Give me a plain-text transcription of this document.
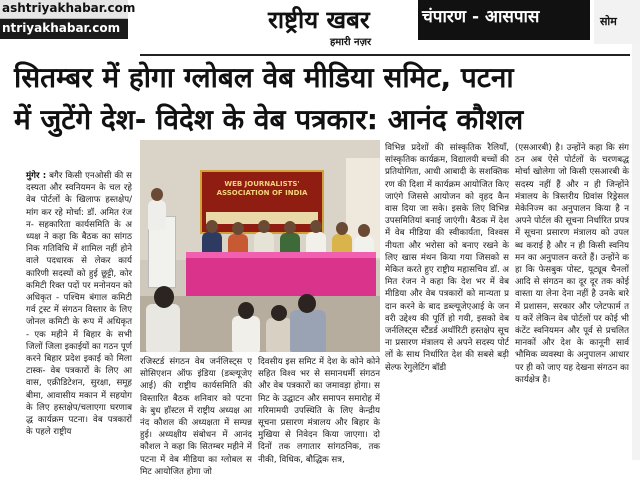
ashtriyakhabar.com
ntriyakhabar.com	राष्ट्रीय खबर
हमारी नज़र
चंपारण - आसपास	सोम
सितम्बर में होगा ग्लोबल वेब मीडिया समिट, पटना
में जुटेंगे देश- विदेश के वेब पत्रकार: आनंद कौशल
मुंगेर : बगैर किसी एनओसी की सदस्यता और स्वनियमन के चल रहे वेब पोर्टलों के खिलाफ हस्तक्षेप/मांग कर रहे मोर्चा: डॉ. अमित रंजन- सहकारिता कार्यसमिति के अध्यक्ष ने कहा कि बैठक का सांगठनिक गतिविधि में शामिल नहीं होने वाले पदधारक से लेकर कार्यकारिणी सदस्यों को हुई छूट्टी, कोर कमिटी रिक्त पदों पर मनोनयन को अधिकृत - पश्चिम बंगाल कमिटी गर्व ट्रस्ट में संगठन विस्तार के लिए जोनल कमिटी के रूप में अधिकृत - एक महीने में बिहार के सभी जिलों जिला इकाईयों का गठन पूर्ण करने बिहार प्रदेश इकाई को मिला टास्क- वेब पत्रकारों के लिए आवास, एक्रीडिटेशन, सुरक्षा, समूह बीमा, आवासीय मकान में सहयोग के लिए हस्तक्षेप/चलाएगा घरणाबद्ध कार्यक्रम पटना। वेब पत्रकारों के पहले राष्ट्रीय
WEB JOURNALISTS' ASSOCIATION OF INDIA
रजिस्टर्ड संगठन वेब जर्नलिस्ट्स एसोसिएशन ऑफ इंडिया (डब्ल्यूजेएआई) की राष्ट्रीय कार्यसमिति की विस्तारित बैठक शनिवार को पटना के बुध हॉस्टल में राष्ट्रीय अध्यक्ष आनंद कौशल की अध्यक्षता में सम्पन्न हुई। अध्यक्षीय संबोधन में आनंद कौशल ने कहा कि सितम्बर महीने में पटना में वेब मीडिया का ग्लोबल समिट आयोजित होगा जो
दिवसीय इस समिट में देश के कोने कोने सहित विश्व भर से समानधर्मी संगठन और वेब पत्रकारों का जमावड़ा होगा। समिट के उद्घाटन और समापन समारोह में गरिमामयी उपस्थिति के लिए केन्द्रीय सूचना प्रसारण मंत्रालय और बिहार के मुखिया से निवेदन किया जाएगा। दो दिनों तक लगातार सांगठनिक, तकनीकी, विधिक, बौद्धिक सत्र,
विभिन्न प्रदेशों की सांस्कृतिक रैलियाँ, सांस्कृतिक कार्यक्रम, विद्यालयी बच्चों की प्रतियोगिता, आधी आबादी के सशक्तिकरण की दिशा में कार्यक्रम आयोजित किए जाएंगे जिससे आयोजन को वृहद कैनवास दिया जा सके। इसके लिए विभिन्न उपसमितियां बनाई जाएंगी। बैठक में देश में वेब मीडिया की स्वीकार्यता, विश्वसनीयता और भरोसा को बनाए रखने के लिए खास मंथन किया गया जिसको समेकित करते हुए राष्ट्रीय महासचिव डॉ. अमित रंजन ने कहा कि देश भर में वेब मीडिया और वेब पत्रकारों को मान्यता प्रदान करने के बाद डब्ल्यूजेएआई के जनवरी उद्देश्य की पूर्ति हो गयी, इसको वेब जर्नलिस्ट्स स्टैंडर्ड अथॉरिटी हस्तक्षेप सूचना प्रसारण मंत्रालय से अपने सदस्य पोर्टलों के साथ निर्धारित देश की सबसे बड़ी सेल्फ रेगुलेटिंग बॉडी
(एसआरबी) है। उन्होंने कहा कि संगठन अब ऐसे पोर्टलों के चरणबद्ध मोर्चा खोलेगा जो किसी एसआरबी के सदस्य नहीं हैं और न ही जिन्होंने मंत्रालय के त्रिस्तरीय ग्रिवांस रिड्रेसल मेकेनिज्म का अनुपालन किया है न अपने पोर्टल की सूचना निर्धारित प्रपत्र में सूचना प्रसारण मंत्रालय को उपलब्ध कराई है और न ही किसी स्वनियमन का अनुपालन करते हैं। उन्होंने कहा कि फेसबुक पोस्ट, यूट्यूब चैनलों आदि से संगठन का दूर दूर तक कोई वास्ता या लेना देना नहीं है उनके बारे में प्रशासन, सरकार और प्लेटफार्म तय करें लेकिन वेब पोर्टलों पर कोई भी कंटेंट स्वनियमन और पूर्व से प्रचलित मानकों और देश के कानूनी सार्वभौमिक व्यवस्था के अनुपालन आधार पर ही को जाए यह देखना संगठन का कार्यक्षेत्र है।
